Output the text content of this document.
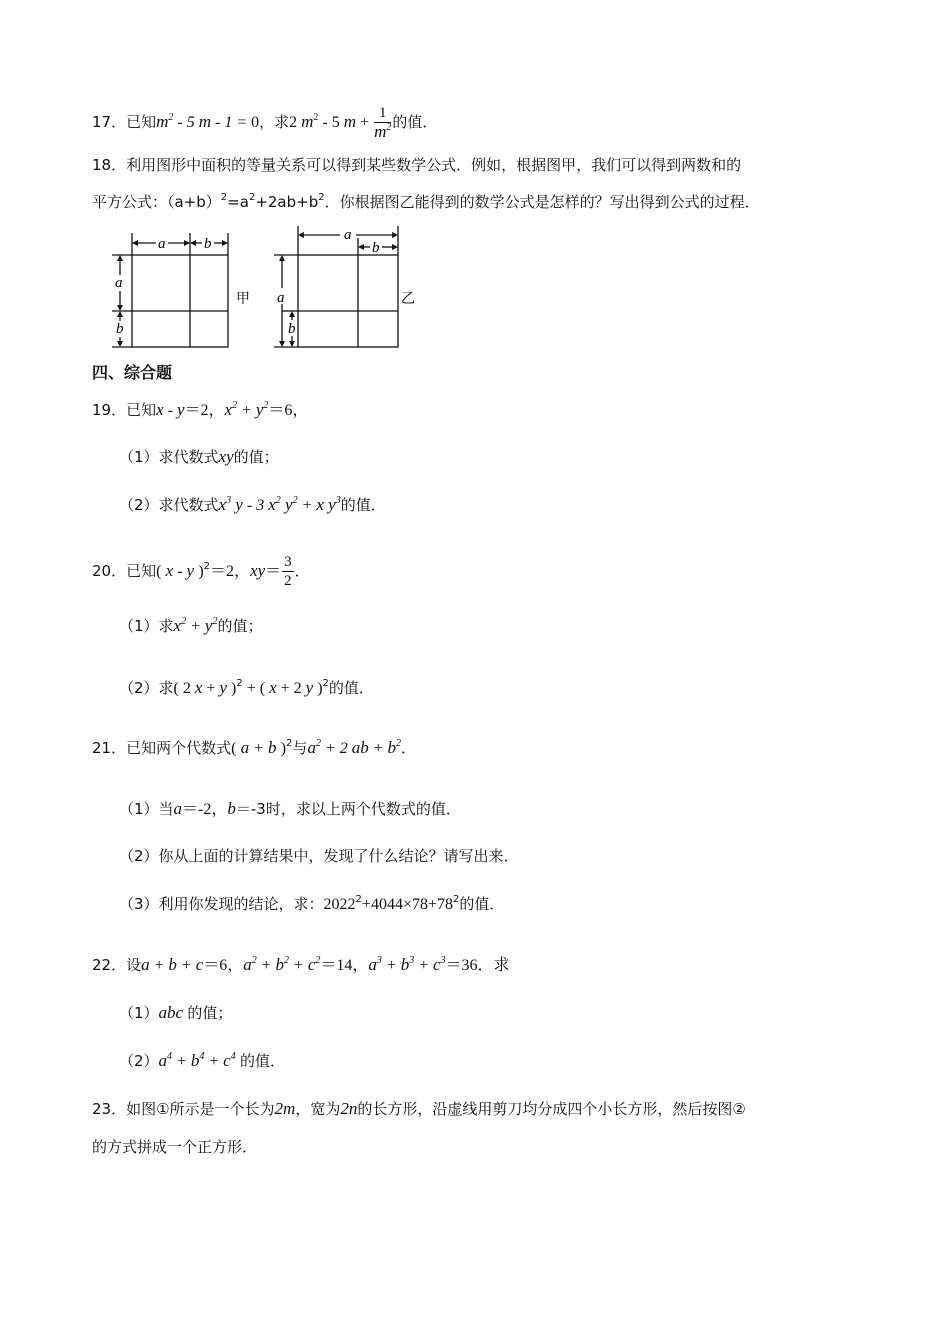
17．已知$m^2 - 5$ m - 1 = 0，求2 $m^2 - 5$ $m + \frac{1}{m^2}$ 的值．
18．利用图形中面积的等量关系可以得到某些数学公式．例如，根据图甲，我们可以得到两数和的
平方公式：$(a+b)^2=a^2+2ab+b^2$．你根据图乙能得到的数学公式是怎样的？写出得到公式的过程．
a	b
a
b
甲
a
b
a
b
乙
四、综合题
19．已知x - y＝2，$x^2 + y^2=6$，
（1）求代数式xy的值；
（2）求代数式$x^3$ y - 3 $x^2$ $y^2 + x$ $y^3$的值．
20．已知( x - y )$^2$＝2，$xy= \frac{3}{2}$ ．
（1）求$x^2 + y^2$的值；
（2）求( 2 x + y )$^2$ + ( x + 2 y )$^2$的值．
21．已知两个代数式( a + b )$^2$与$a^2 + 2$ ab + $b^2$．
（1）当a＝-2，b＝-3时，求以上两个代数式的值．
（2）你从上面的计算结果中，发现了什么结论？请写出来．
（3）利用你发现的结论，求：$2022^2+4044\times 78+78^2$的值．
22．设a + b + c＝6，$a^2 + b^2 + c^2=14$，$a^3 + b^3 + c^3=36$．求
（1）abc 的值；
$(2)a^4 + b^4 + c^4$ 的值．
23．如图①所示是一个长为2m，宽为2n的长方形，沿虚线用剪刀均分成四个小长方形，然后按图②
的方式拼成一个正方形．
